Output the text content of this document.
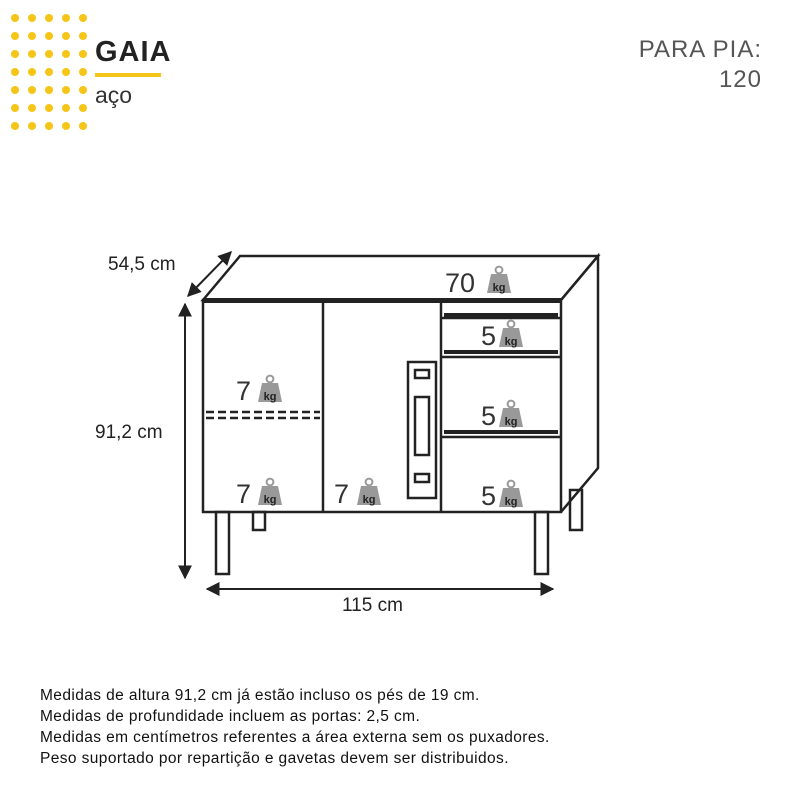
GAIA
aço
PARA PIA:
120
54,5 cm
91,2 cm
115 cm
70 kg
7 kg
7 kg 7 kg
5 kg
5 kg
5 kg
Medidas de altura 91,2 cm já estão incluso os pés de 19 cm.
Medidas de profundidade incluem as portas: 2,5 cm.
Medidas em centímetros referentes a área externa sem os puxadores.
Peso suportado por repartição e gavetas devem ser distribuidos.
